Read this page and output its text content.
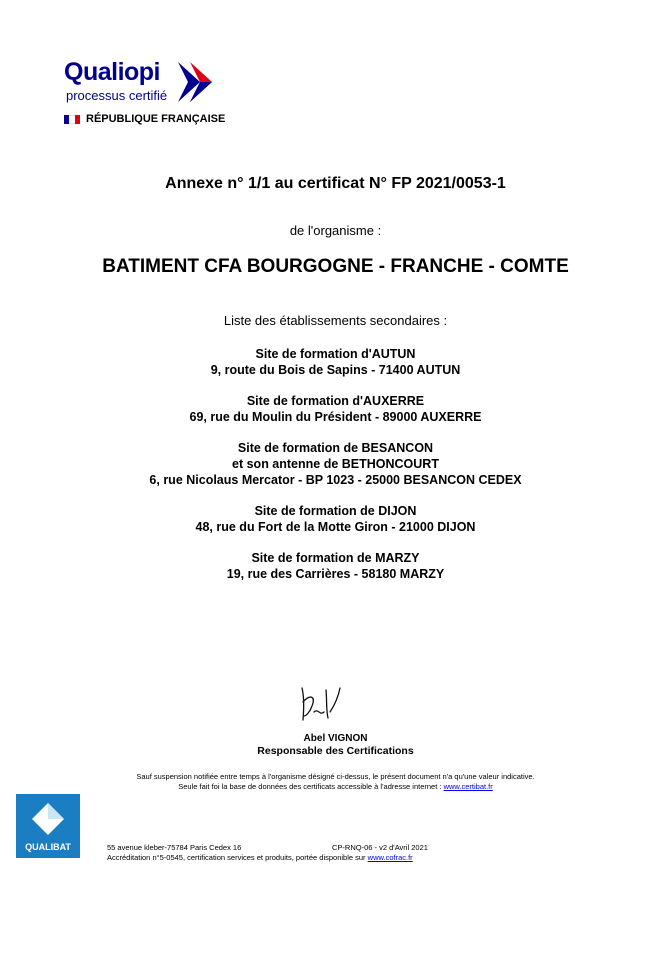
Qualiopi
processus certifié
RÉPUBLIQUE FRANÇAISE
Annexe n° 1/1 au certificat N° FP 2021/0053-1
de l'organisme :
BATIMENT CFA BOURGOGNE - FRANCHE - COMTE
Liste des établissements secondaires :
Site de formation d'AUTUN
9, route du Bois de Sapins - 71400 AUTUN
Site de formation d'AUXERRE
69, rue du Moulin du Président - 89000 AUXERRE
Site de formation de BESANCON
et son antenne de BETHONCOURT
6, rue Nicolaus Mercator - BP 1023 - 25000 BESANCON CEDEX
Site de formation de DIJON
48, rue du Fort de la Motte Giron - 21000 DIJON
Site de formation de MARZY
19, rue des Carrières - 58180 MARZY
Abel VIGNON
Responsable des Certifications
Sauf suspension notifiée entre temps à l'organisme désigné ci-dessus, le présent document n'a qu'une valeur indicative.
Seule fait foi la base de données des certificats accessible à l'adresse internet : www.certibat.fr
QUALIBAT	55 avenue kleber-75784 Paris Cedex 16	CP-RNQ-06 - v2 d'Avril 2021
Accréditation n°5-0545, certification services et produits, portée disponible sur www.cofrac.fr
